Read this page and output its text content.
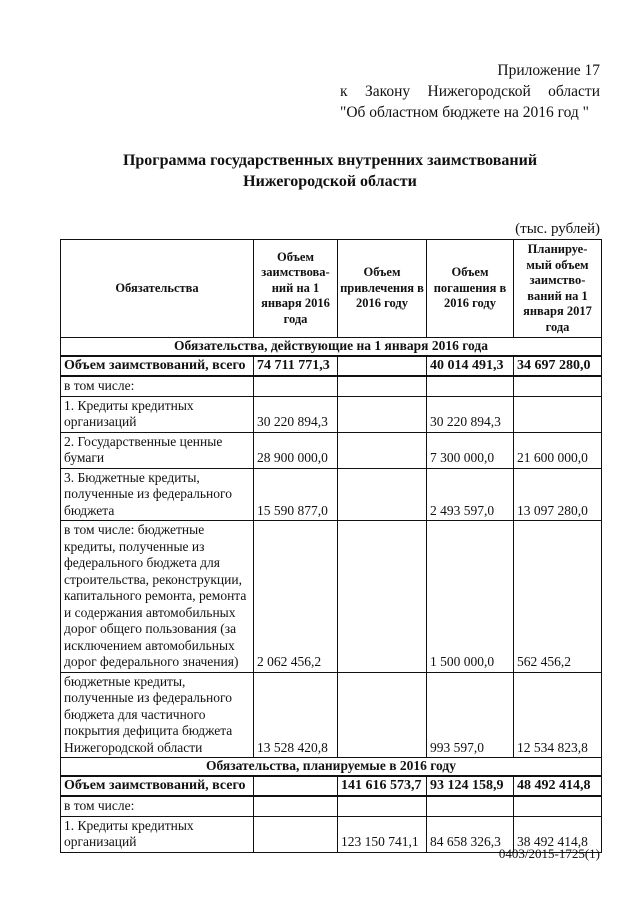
Приложение 17
к Закону Нижегородской области
"Об областном бюджете на 2016 год "
Программа государственных внутренних заимствований
Нижегородской области
(тыс. рублей)
Обязательства	Объем заимствова- ний на 1 января 2016 года	Объем привлечения в 2016 году	Объем погашения в 2016 году	Планируе- мый объем заимство- ваний на 1 января 2017 года
Обязательства, действующие на 1 января 2016 года				
Объем заимствований, всего	74 711 771,3		40 014 491,3	34 697 280,0
в том числе:				
1. Кредиты кредитных организаций	30 220 894,3		30 220 894,3	
2. Государственные ценные бумаги	28 900 000,0		7 300 000,0	21 600 000,0
3. Бюджетные кредиты, полученные из федерального бюджета	15 590 877,0		2 493 597,0	13 097 280,0
в том числе: бюджетные кредиты, полученные из федерального бюджета для строительства, реконструкции, капитального ремонта, ремонта и содержания автомобильных дорог общего пользования (за исключением автомобильных дорог федерального значения)	2 062 456,2		1 500 000,0	562 456,2
бюджетные кредиты, полученные из федерального бюджета для частичного покрытия дефицита бюджета Нижегородской области	13 528 420,8		993 597,0	12 534 823,8
Обязательства, планируемые в 2016 году				
Объем заимствований, всего		141 616 573,7	93 124 158,9	48 492 414,8
в том числе:				
1. Кредиты кредитных организаций		123 150 741,1	84 658 326,3	38 492 414,8
0403/2015-1725(1)
